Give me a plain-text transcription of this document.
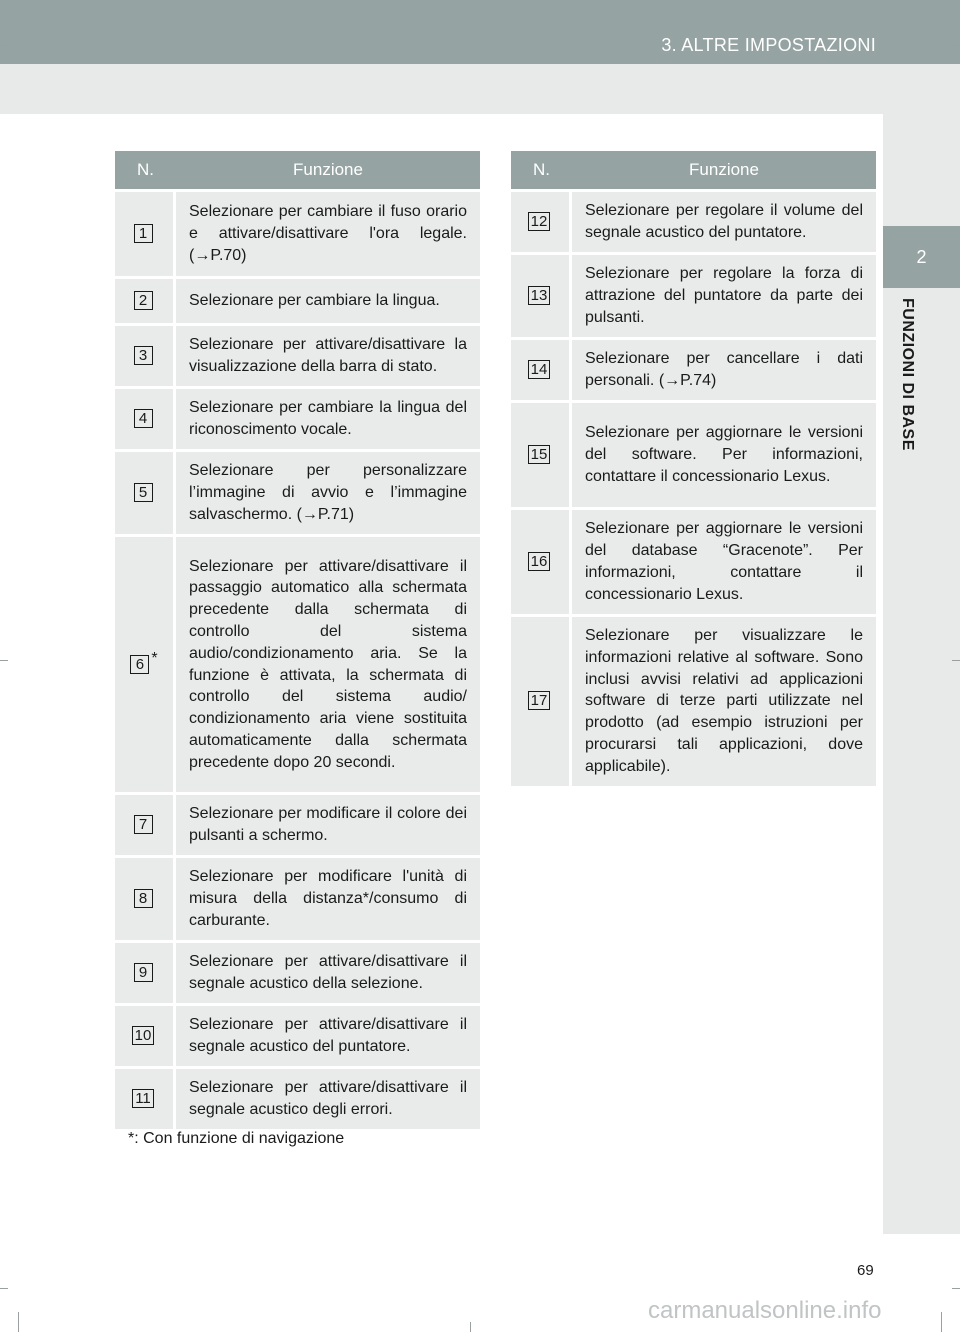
3. ALTRE IMPOSTAZIONI
2
FUNZIONI DI BASE
N.	Funzione
1	Selezionare per cambiare il fuso orario e attivare/disattivare l'ora legale. (→P.70)
2	Selezionare per cambiare la lingua.
3	Selezionare per attivare/disattivare la visualizzazione della barra di stato.
4	Selezionare per cambiare la lingua del riconoscimento vocale.
5	Selezionare per personalizzare l’immagine di avvio e l’immagine salvaschermo. (→P.71)
6 *	Selezionare per attivare/disattivare il passaggio automatico alla schermata precedente dalla schermata di controllo del sistema audio/condizionamento aria. Se la funzione è attivata, la schermata di controllo del sistema audio/ condizionamento aria viene sostituita automaticamente dalla schermata precedente dopo 20 secondi.
7	Selezionare per modificare il colore dei pulsanti a schermo.
8	Selezionare per modificare l'unità di misura della distanza*/consumo di carburante.
9	Selezionare per attivare/disattivare il segnale acustico della selezione.
10	Selezionare per attivare/disattivare il segnale acustico del puntatore.
11	Selezionare per attivare/disattivare il segnale acustico degli errori.
N.	Funzione
12	Selezionare per regolare il volume del segnale acustico del puntatore.
13	Selezionare per regolare la forza di attrazione del puntatore da parte dei pulsanti.
14	Selezionare per cancellare i dati personali. (→P.74)
15	Selezionare per aggiornare le versioni del software. Per informazioni, contattare il concessionario Lexus.
16	Selezionare per aggiornare le versioni del database “Gracenote”. Per informazioni, contattare il concessionario Lexus.
17	Selezionare per visualizzare le informazioni relative al software. Sono inclusi avvisi relativi ad applicazioni software di terze parti utilizzate nel prodotto (ad esempio istruzioni per procurarsi tali applicazioni, dove applicabile).
*: Con funzione di navigazione
69
carmanualsonline.info
